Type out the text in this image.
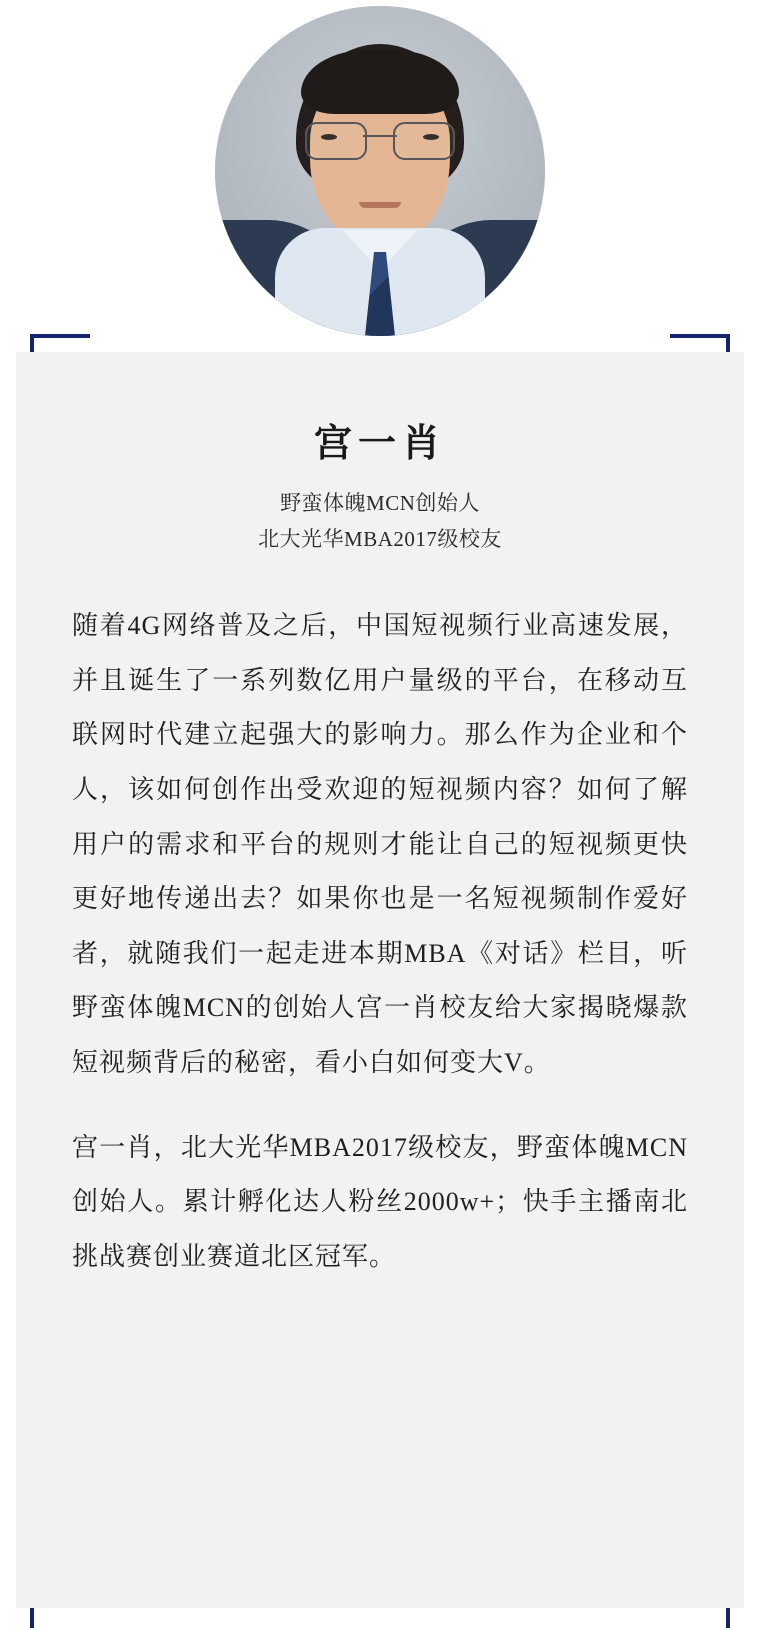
宫一肖

野蛮体魄MCN创始人

北大光华MBA2017级校友

随着4G网络普及之后，中国短视频行业高速发展，并且诞生了一系列数亿用户量级的平台，在移动互联网时代建立起强大的影响力。那么作为企业和个人，该如何创作出受欢迎的短视频内容？如何了解用户的需求和平台的规则才能让自己的短视频更快更好地传递出去？如果你也是一名短视频制作爱好者，就随我们一起走进本期MBA《对话》栏目，听野蛮体魄MCN的创始人宫一肖校友给大家揭晓爆款短视频背后的秘密，看小白如何变大V。

宫一肖，北大光华MBA2017级校友，野蛮体魄MCN创始人。累计孵化达人粉丝2000w+；快手主播南北挑战赛创业赛道北区冠军。
